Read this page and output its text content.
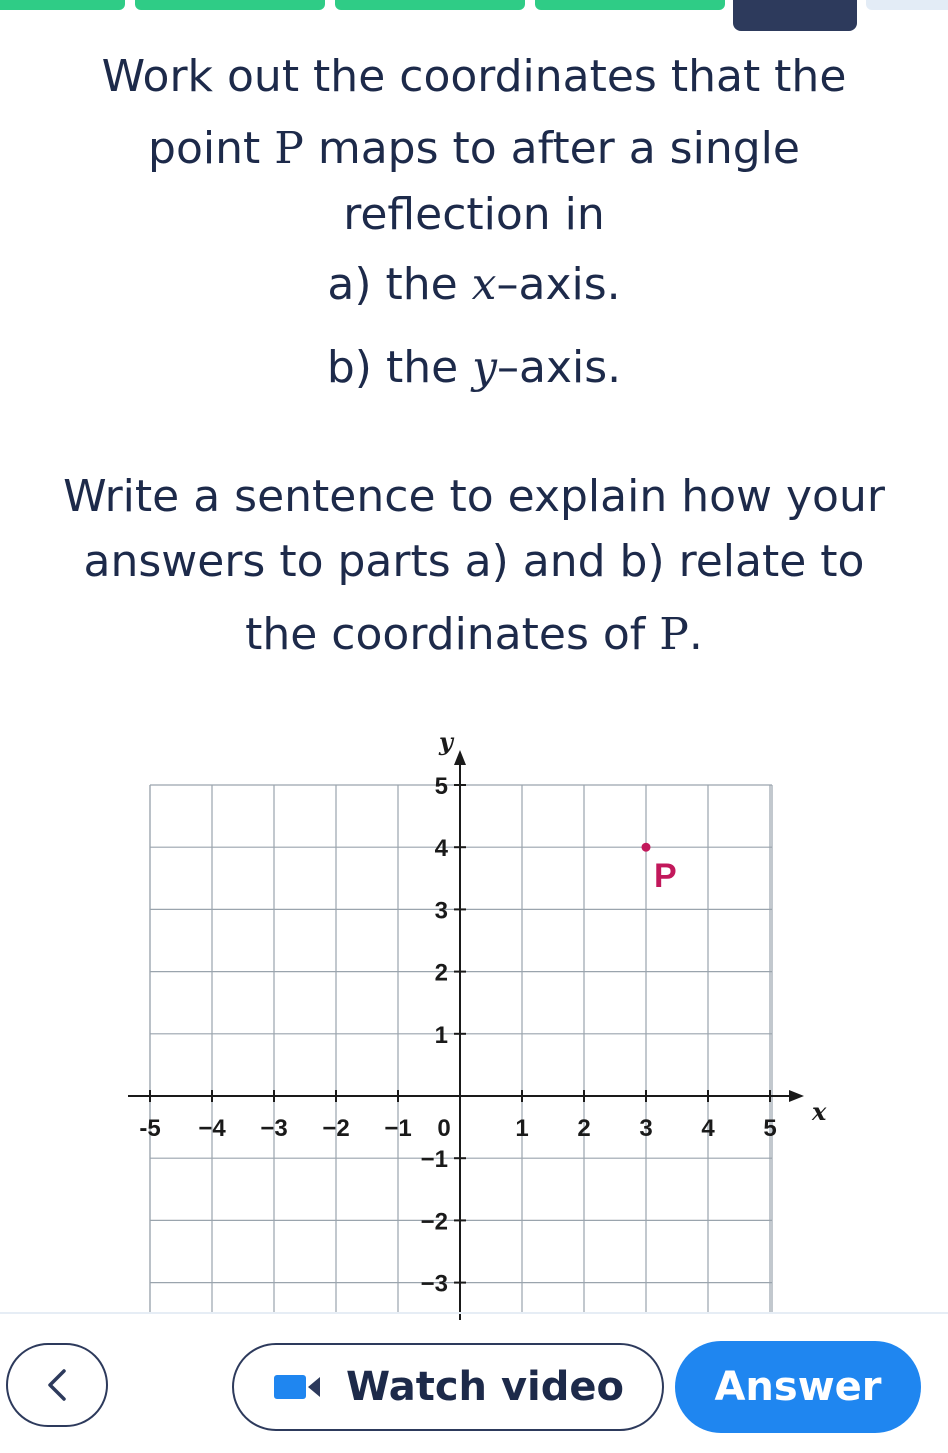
Work out the coordinates that the

point P maps to after a single

reflection in

a) the x–axis.

b) the y–axis.

Write a sentence to explain how your

answers to parts a) and b) relate to

the coordinates of P.

-5 −4 −3 −2 −1 0	1 2 3 4 5
−3
−2
−1
1
2
3
4
5
x
y
P
Watch video Answer
